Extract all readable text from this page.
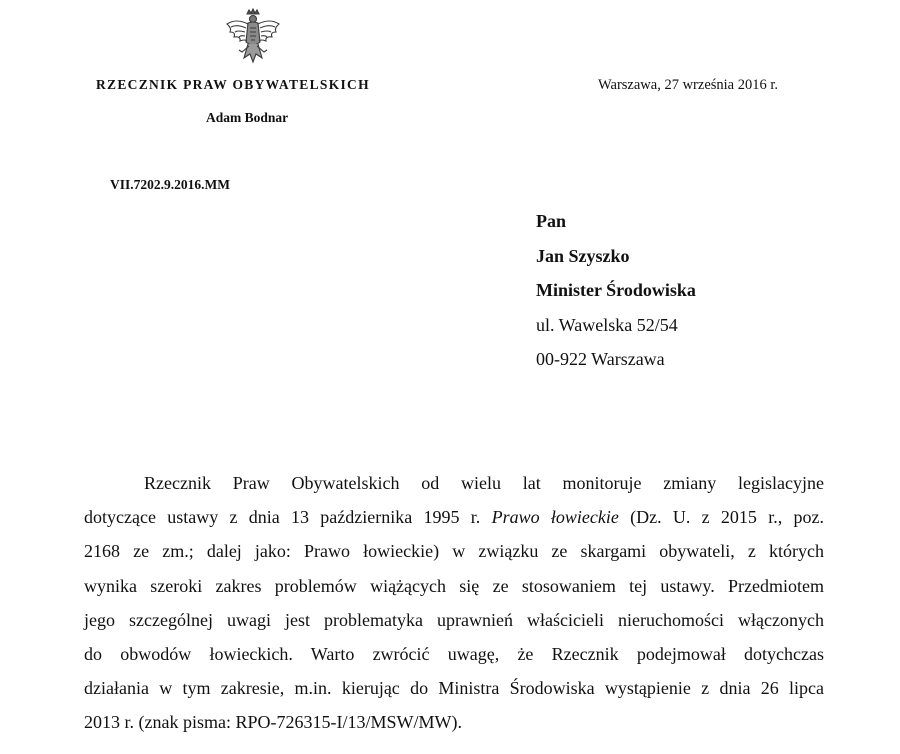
RZECZNIK PRAW OBYWATELSKICH
Adam Bodnar
Warszawa, 27 września 2016 r.
VII.7202.9.2016.MM
Pan
Jan Szyszko
Minister Środowiska
ul. Wawelska 52/54
00-922 Warszawa
Rzecznik Praw Obywatelskich od wielu lat monitoruje zmiany legislacyjne
dotyczące ustawy z dnia 13 października 1995 r. Prawo łowieckie (Dz. U. z 2015 r., poz.
2168 ze zm.; dalej jako: Prawo łowieckie) w związku ze skargami obywateli, z których
wynika szeroki zakres problemów wiążących się ze stosowaniem tej ustawy. Przedmiotem
jego szczególnej uwagi jest problematyka uprawnień właścicieli nieruchomości włączonych
do obwodów łowieckich. Warto zwrócić uwagę, że Rzecznik podejmował dotychczas
działania w tym zakresie, m.in. kierując do Ministra Środowiska wystąpienie z dnia 26 lipca
2013 r. (znak pisma: RPO-726315-I/13/MSW/MW).
